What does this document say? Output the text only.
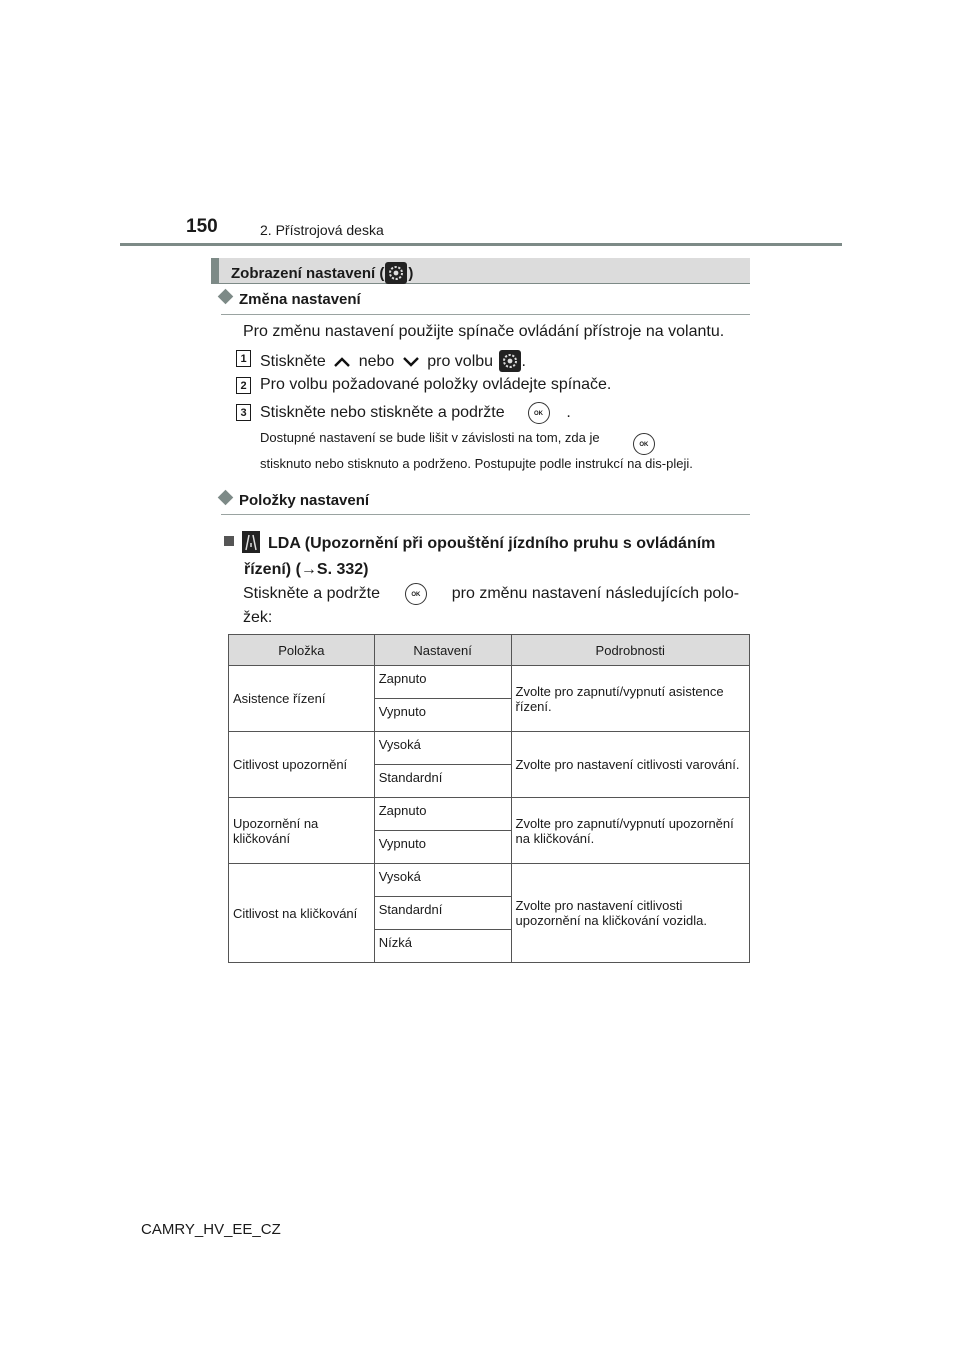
150	2. Přístrojová deska
Zobrazení nastavení ( )
Změna nastavení
Pro změnu nastavení použijte spínače ovládání přístroje na volantu.
1 Stiskněte nebo pro volbu .
2 Pro volbu požadované položky ovládejte spínače.
3 Stiskněte nebo stiskněte a podržte	OK .
Dostupné nastavení se bude lišit v závislosti na tom, zda je	OK
stisknuto nebo stisknuto a podrženo. Postupujte podle instrukcí na dis-pleji.
Položky nastavení
LDA (Upozornění při opouštění jízdního pruhu s ovládáním
řízení) (→S. 332)
Stiskněte a podržte	OK pro změnu nastavení následujících polo-
žek:
Položka	Nastavení	Podrobnosti
Asistence řízení	Zapnuto	Zvolte pro zapnutí/vypnutí asistence řízení.
	Vypnuto	
Citlivost upozornění	Vysoká	Zvolte pro nastavení citlivosti varování.
	Standardní	
Upozornění na kličkování	Zapnuto	Zvolte pro zapnutí/vypnutí upozornění na kličkování.
	Vypnuto	
Citlivost na kličkování	Vysoká	Zvolte pro nastavení citlivosti upozornění na kličkování vozidla.
	Standardní	
	Nízká	
CAMRY_HV_EE_CZ
